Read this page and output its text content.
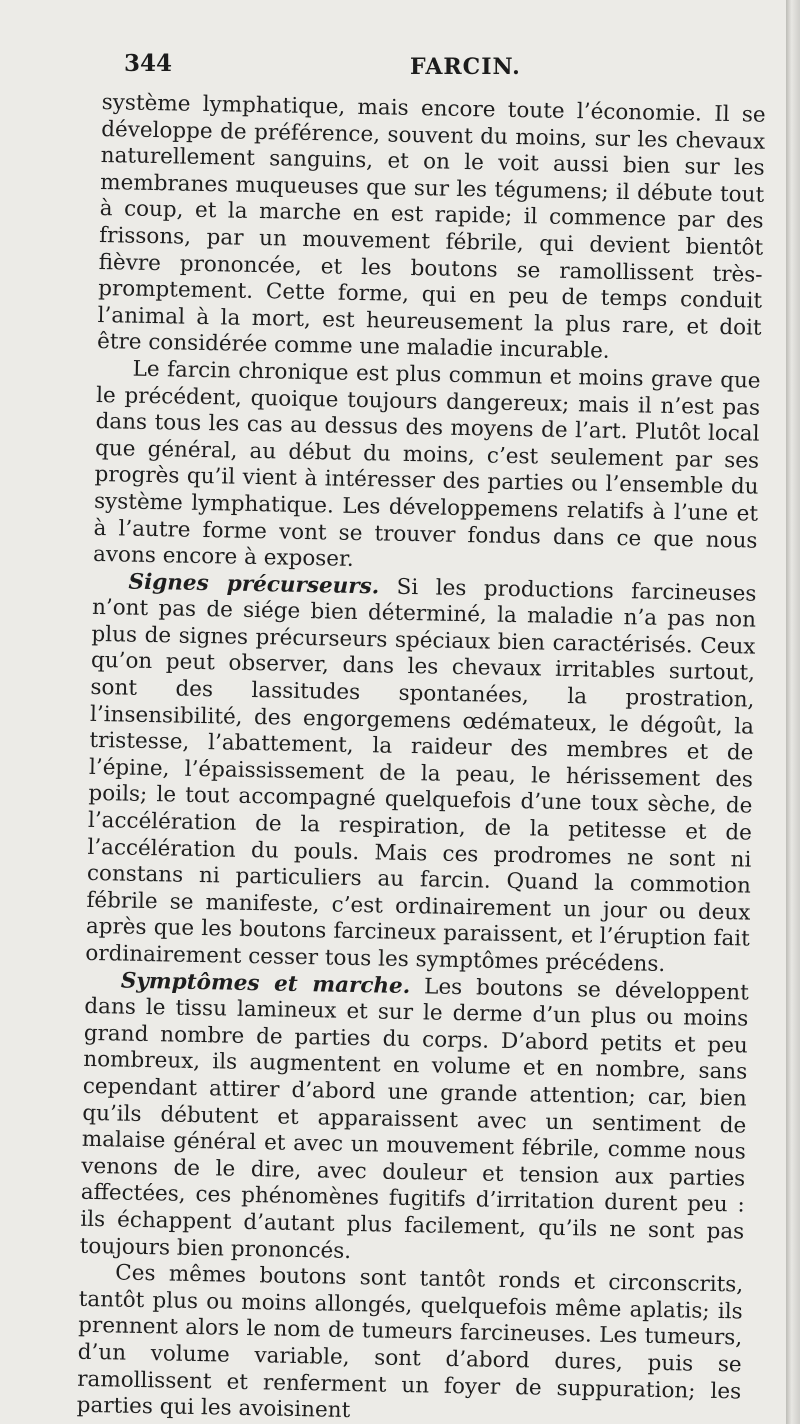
344	FARCIN.

système lymphatique, mais encore toute l’économie. Il se développe de préférence, souvent du moins, sur les chevaux naturellement sanguins, et on le voit aussi bien sur les membranes muqueuses que sur les tégumens; il débute tout à coup, et la marche en est rapide; il commence par des frissons, par un mouvement fébrile, qui devient bientôt fièvre prononcée, et les boutons se ramollissent très-promptement. Cette forme, qui en peu de temps conduit l’animal à la mort, est heureusement la plus rare, et doit être considérée comme une maladie incurable.

Le farcin chronique est plus commun et moins grave que le précédent, quoique toujours dangereux; mais il n’est pas dans tous les cas au dessus des moyens de l’art. Plutôt local que général, au début du moins, c’est seulement par ses progrès qu’il vient à intéresser des parties ou l’ensemble du système lymphatique. Les développemens relatifs à l’une et à l’autre forme vont se trouver fondus dans ce que nous avons encore à exposer.

Signes précurseurs. Si les productions farcineuses n’ont pas de siége bien déterminé, la maladie n’a pas non plus de signes précurseurs spéciaux bien caractérisés. Ceux qu’on peut observer, dans les chevaux irritables surtout, sont des lassitudes spontanées, la prostration, l’insensibilité, des engorgemens œdémateux, le dégoût, la tristesse, l’abattement, la raideur des membres et de l’épine, l’épaississement de la peau, le hérissement des poils; le tout accompagné quelquefois d’une toux sèche, de l’accélération de la respiration, de la petitesse et de l’accélération du pouls. Mais ces prodromes ne sont ni constans ni particuliers au farcin. Quand la commotion fébrile se manifeste, c’est ordinairement un jour ou deux après que les boutons farcineux paraissent, et l’éruption fait ordinairement cesser tous les symptômes précédens.

Symptômes et marche. Les boutons se développent dans le tissu lamineux et sur le derme d’un plus ou moins grand nombre de parties du corps. D’abord petits et peu nombreux, ils augmentent en volume et en nombre, sans cependant attirer d’abord une grande attention; car, bien qu’ils débutent et apparaissent avec un sentiment de malaise général et avec un mouvement fébrile, comme nous venons de le dire, avec douleur et tension aux parties affectées, ces phénomènes fugitifs d’irritation durent peu : ils échappent d’autant plus facilement, qu’ils ne sont pas toujours bien prononcés.

Ces mêmes boutons sont tantôt ronds et circonscrits, tantôt plus ou moins allongés, quelquefois même aplatis; ils prennent alors le nom de tumeurs farcineuses. Les tumeurs, d’un volume variable, sont d’abord dures, puis se ramollissent et renferment un foyer de suppuration; les parties qui les avoisinent
